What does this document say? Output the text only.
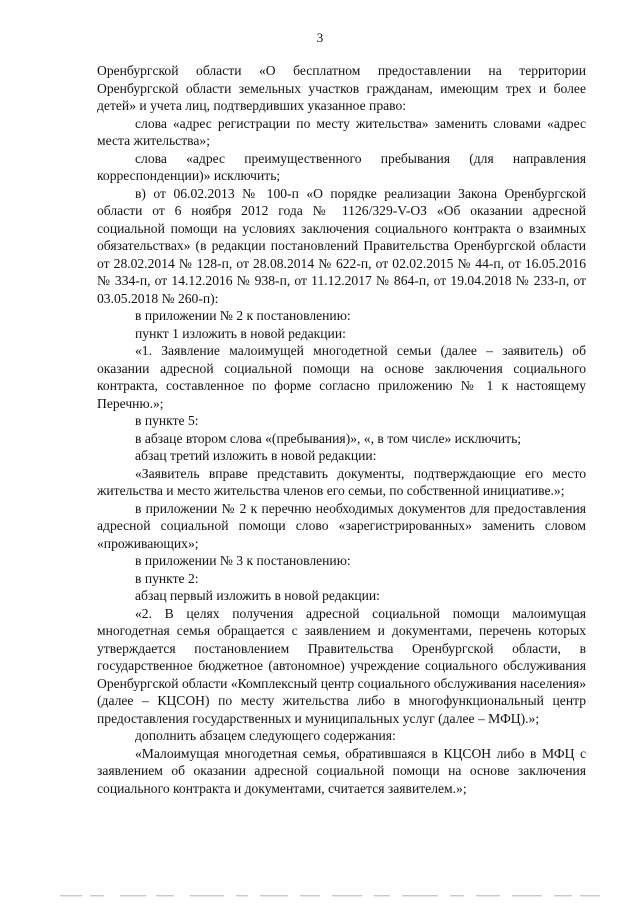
3

Оренбургской области «О бесплатном предоставлении на территории Оренбургской области земельных участков гражданам, имеющим трех и более детей» и учета лиц, подтвердивших указанное право:

слова «адрес регистрации по месту жительства» заменить словами «адрес места жительства»;

слова «адрес преимущественного пребывания (для направления корреспонденции)» исключить;

в) от 06.02.2013 № 100-п «О порядке реализации Закона Оренбургской области от 6 ноября 2012 года № 1126/329-V-ОЗ «Об оказании адресной социальной помощи на условиях заключения социального контракта о взаимных обязательствах» (в редакции постановлений Правительства Оренбургской области от 28.02.2014 № 128-п, от 28.08.2014 № 622-п, от 02.02.2015 № 44-п, от 16.05.2016 № 334-п, от 14.12.2016 № 938-п, от 11.12.2017 № 864-п, от 19.04.2018 № 233-п, от 03.05.2018 № 260-п):

в приложении № 2 к постановлению:

пункт 1 изложить в новой редакции:

«1. Заявление малоимущей многодетной семьи (далее – заявитель) об оказании адресной социальной помощи на основе заключения социального контракта, составленное по форме согласно приложению № 1 к настоящему Перечню.»;

в пункте 5:

в абзаце втором слова «(пребывания)», «, в том числе» исключить;

абзац третий изложить в новой редакции:

«Заявитель вправе представить документы, подтверждающие его место жительства и место жительства членов его семьи, по собственной инициативе.»;

в приложении № 2 к перечню необходимых документов для предоставления адресной социальной помощи слово «зарегистрированных» заменить словом «проживающих»;

в приложении № 3 к постановлению:

в пункте 2:

абзац первый изложить в новой редакции:

«2. В целях получения адресной социальной помощи малоимущая многодетная семья обращается с заявлением и документами, перечень которых утверждается постановлением Правительства Оренбургской области, в государственное бюджетное (автономное) учреждение социального обслуживания Оренбургской области «Комплексный центр социального обслуживания населения» (далее – КЦСОН) по месту жительства либо в многофункциональный центр предоставления государственных и муниципальных услуг (далее – МФЦ).»;

дополнить абзацем следующего содержания:

«Малоимущая многодетная семья, обратившаяся в КЦСОН либо в МФЦ с заявлением об оказании адресной социальной помощи на основе заключения социального контракта и документами, считается заявителем.»;
